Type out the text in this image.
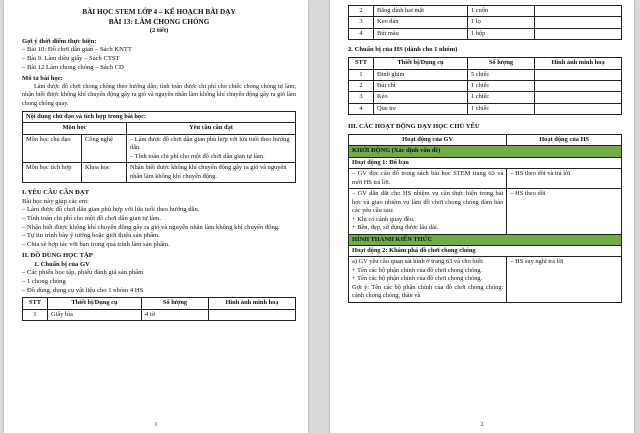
BÀI HỌC STEM LỚP 4 – KẾ HOẠCH BÀI DẠY
BÀI 13: LÀM CHONG CHÓNG
(2 tiết)
Gợi ý thời điểm thực hiện:
– Bài 10: Đồ chơi dân gian – Sách KNTT
– Bài 9. Làm diều giấy – Sách CTST
– Bài 12 Làm chong chóng – Sách CD
Mô tả bài học:
Làm được đồ chơi chong chóng theo hướng dẫn; tính toán được chi phí cho chiếc chong chóng tự làm; nhận biết được không khí chuyển động gây ra gió và nguyên nhân làm không khí chuyển động gây ra gió làm chong chóng quay.
Nội dung chủ đạo và tích hợp trong bài học:		
Môn học		Yêu cầu cần đạt
Môn học chủ đạo	Công nghệ	– Làm được đồ chơi dân gian phù hợp với lứa tuổi theo hướng dẫn.
– Tính toán chi phí cho một đồ chơi dân gian tự làm.

Môn học tích hợp	Khoa học	Nhận biết được không khí chuyển động gây ra gió và nguyên nhân làm không khí chuyển động.
I. YÊU CẦU CẦN ĐẠT
Bài học này giúp các em:
– Làm được đồ chơi dân gian phù hợp với lứa tuổi theo hướng dẫn.
– Tính toán chi phí cho một đồ chơi dân gian tự làm.
– Nhận biết được không khí chuyển động gây ra gió và nguyên nhân làm không khí chuyển động.
– Tự tin trình bày ý tưởng hoặc giới thiệu sản phẩm.
– Chia sẻ hợp tác với bạn trong quá trình làm sản phẩm.
II. ĐỒ DÙNG HỌC TẬP
1. Chuẩn bị của GV
– Các phiếu học tập, phiếu đánh giá sản phẩm
– 1 chong chóng
– Đồ dùng, dụng cụ vật liệu cho 1 nhóm 4 HS
STT	Thiết bị/Dụng cụ	Số lượng	Hình ảnh minh hoạ
1	Giấy bìa	4 tờ	
1
2	Băng dính hai mặt	1 cuộn	
3	Keo dán	1 lọ	
4	Bút màu	1 hộp	
2. Chuẩn bị của HS (dành cho 1 nhóm)
STT	Thiết bị/Dụng cụ	Số lượng	Hình ảnh minh hoạ
1	Đinh ghim	5 chiếc	
2	Bút chì	1 chiếc	
3	Kéo	1 chiếc	
4	Que tre	1 chiếc	
III. CÁC HOẠT ĐỘNG DẠY HỌC CHỦ YẾU
Hoạt động của GV	Hoạt động của HS
KHỞI ĐỘNG (Xác định vấn đề)	
Hoạt động 1: Đố bạn	
– GV đọc câu đố trong sách bài học STEM trang 63 và mời HS trả lời.	– HS theo dõi và trả lời

– GV dẫn dắt cho HS nhiệm vụ cần thực hiện trong bài học và giao nhiệm vụ làm đồ chơi chong chóng đảm bảo các yêu cầu sau:
+ Khi có cánh quay đều.
+ Bền, đẹp, sử dụng được lâu dài.	– HS theo dõi
HÌNH THÀNH KIẾN THỨC	
Hoạt động 2: Khám phá đồ chơi chong chóng	

a) GV yêu cầu quan sát hình ở trang 63 và cho biết:
+ Tên các bộ phận chính của đồ chơi chong chóng.
+ Tên các bộ phận chính của đồ chơi chong chóng.
Gợi ý: Tên các bộ phận chính của đồ chơi chong chóng: cánh chong chóng, thân và	– HS suy nghĩ trả lời
2
